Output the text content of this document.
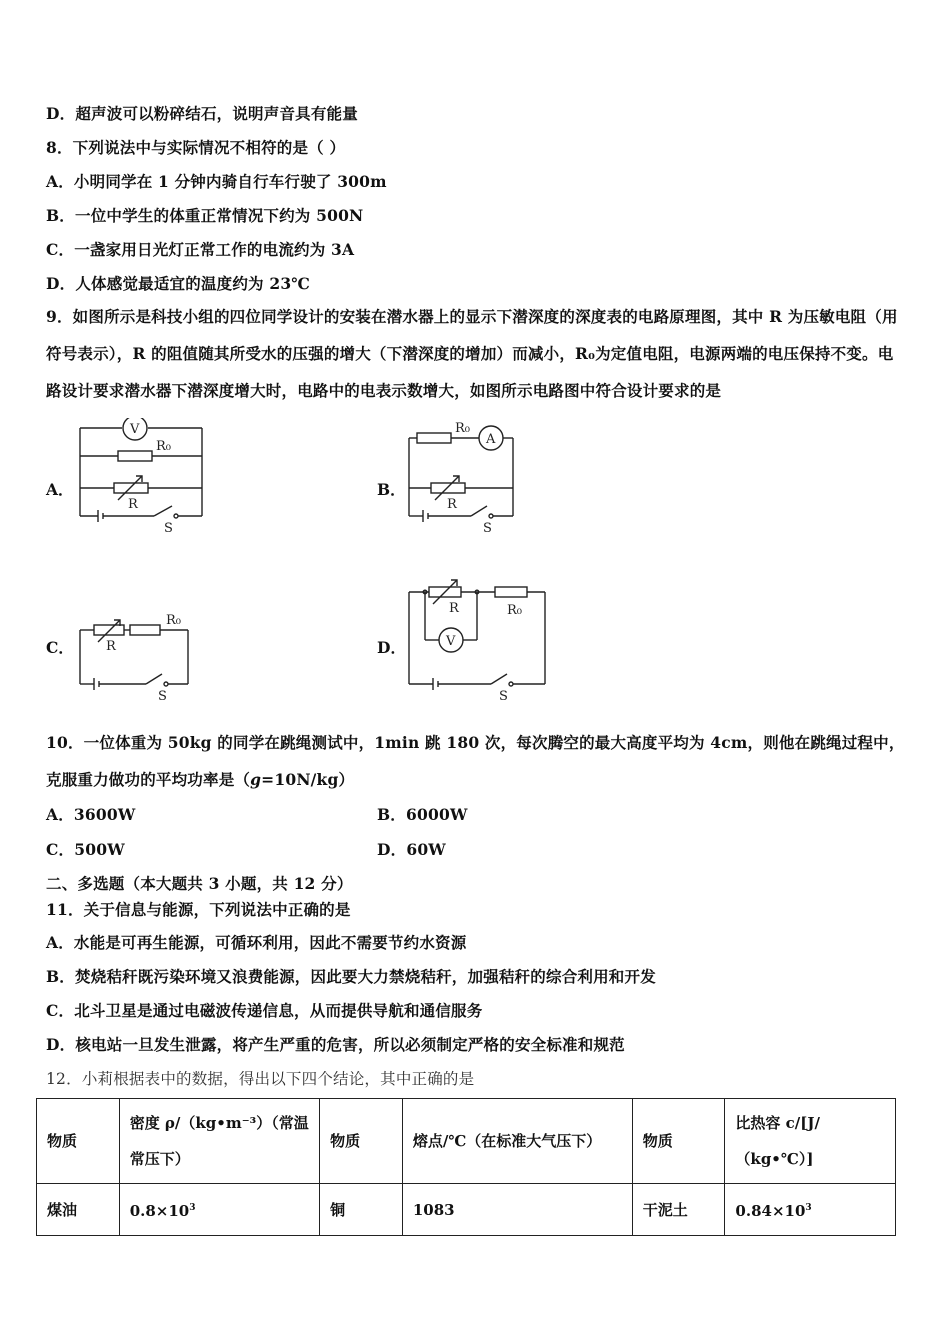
D．超声波可以粉碎结石，说明声音具有能量
8．下列说法中与实际情况不相符的是（ ）
A．小明同学在 1 分钟内骑自行车行驶了 300m
B．一位中学生的体重正常情况下约为 500N
C．一盏家用日光灯正常工作的电流约为 3A
D．人体感觉最适宜的温度约为 23℃
9．如图所示是科技小组的四位同学设计的安装在潜水器上的显示下潜深度的深度表的电路原理图，其中 R 为压敏电阻（用符号表示），R 的阻值随其所受水的压强的增大（下潜深度的增加）而减小，R₀为定值电阻，电源两端的电压保持不变。电路设计要求潜水器下潜深度增大时，电路中的电表示数增大，如图所示电路图中符合设计要求的是
A．	B．
C．	D．
V
R₀
R
S
R₀
A
R
S
R
R₀
S
R	R₀
V
S
10．一位体重为 50kg 的同学在跳绳测试中，1min 跳 180 次，每次腾空的最大高度平均为 4cm，则他在跳绳过程中，克服重力做功的平均功率是（g=10N/kg）
A．3600W	B．6000W
C．500W	D．60W
二、多选题（本大题共 3 小题，共 12 分）
11．关于信息与能源，下列说法中正确的是
A．水能是可再生能源，可循环利用，因此不需要节约水资源
B．焚烧秸秆既污染环境又浪费能源，因此要大力禁烧秸秆，加强秸秆的综合利用和开发
C．北斗卫星是通过电磁波传递信息，从而提供导航和通信服务
D．核电站一旦发生泄露，将产生严重的危害，所以必须制定严格的安全标准和规范
12．小莉根据表中的数据，得出以下四个结论，其中正确的是
物质	密度 ρ/（kg•m⁻³）（常温常压下）	物质	熔点/℃（在标准大气压下）	物质	比热容 c/[J/（kg•℃）]
煤油	$0.8\times 10^3$	铜	1083	干泥土	$0.84\times 10^3$
